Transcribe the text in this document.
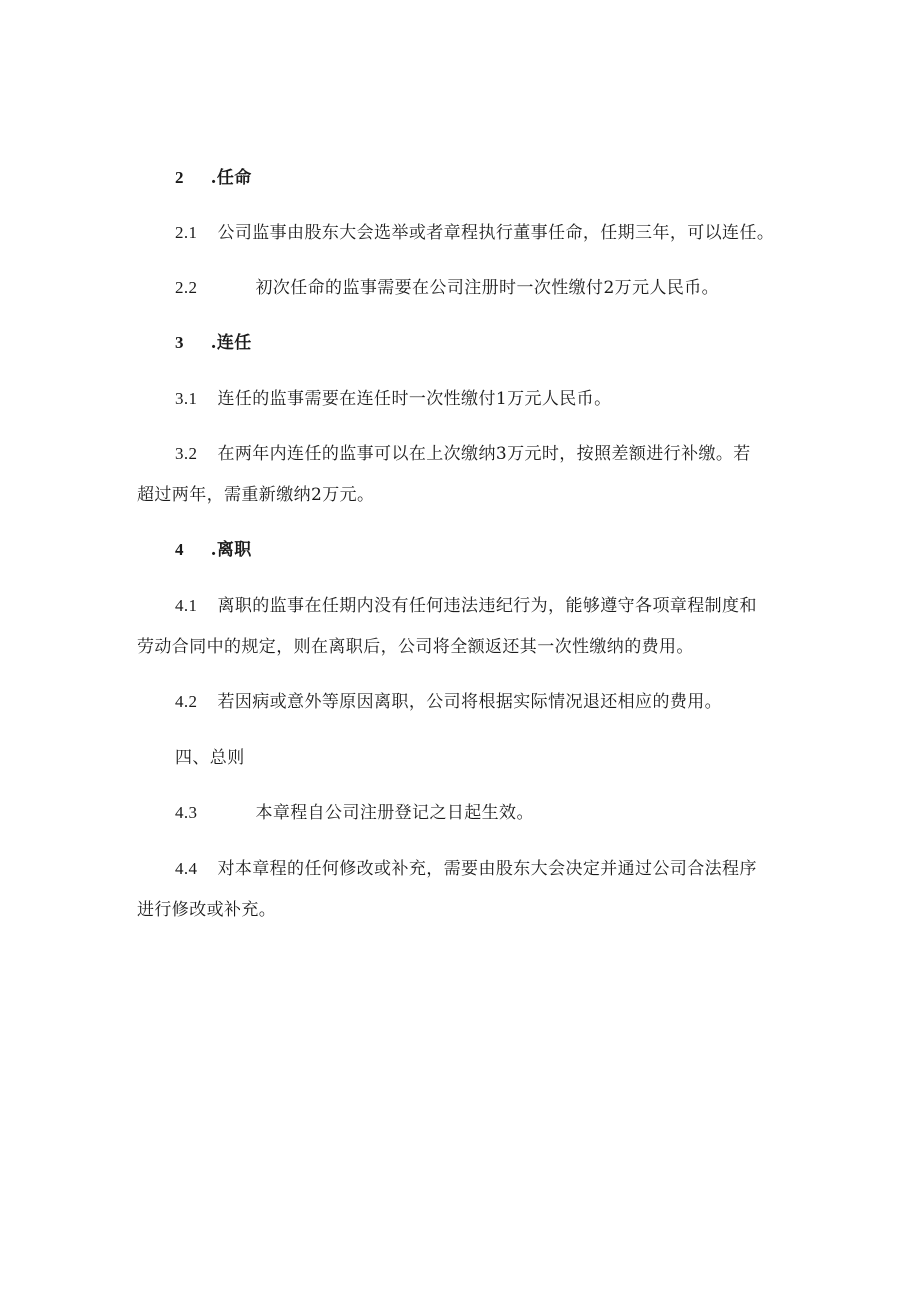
2 .任命
2.1 公司监事由股东大会选举或者章程执行董事任命，任期三年，可以连任。
2.2	初次任命的监事需要在公司注册时一次性缴付2万元人民币。
3 .连任
3.1 连任的监事需要在连任时一次性缴付1万元人民币。
3.2 在两年内连任的监事可以在上次缴纳3万元时，按照差额进行补缴。若
超过两年，需重新缴纳2万元。
4 .离职
4.1 离职的监事在任期内没有任何违法违纪行为，能够遵守各项章程制度和
劳动合同中的规定，则在离职后，公司将全额返还其一次性缴纳的费用。
4.2 若因病或意外等原因离职，公司将根据实际情况退还相应的费用。
四、总则
4.3	本章程自公司注册登记之日起生效。
4.4 对本章程的任何修改或补充，需要由股东大会决定并通过公司合法程序
进行修改或补充。
